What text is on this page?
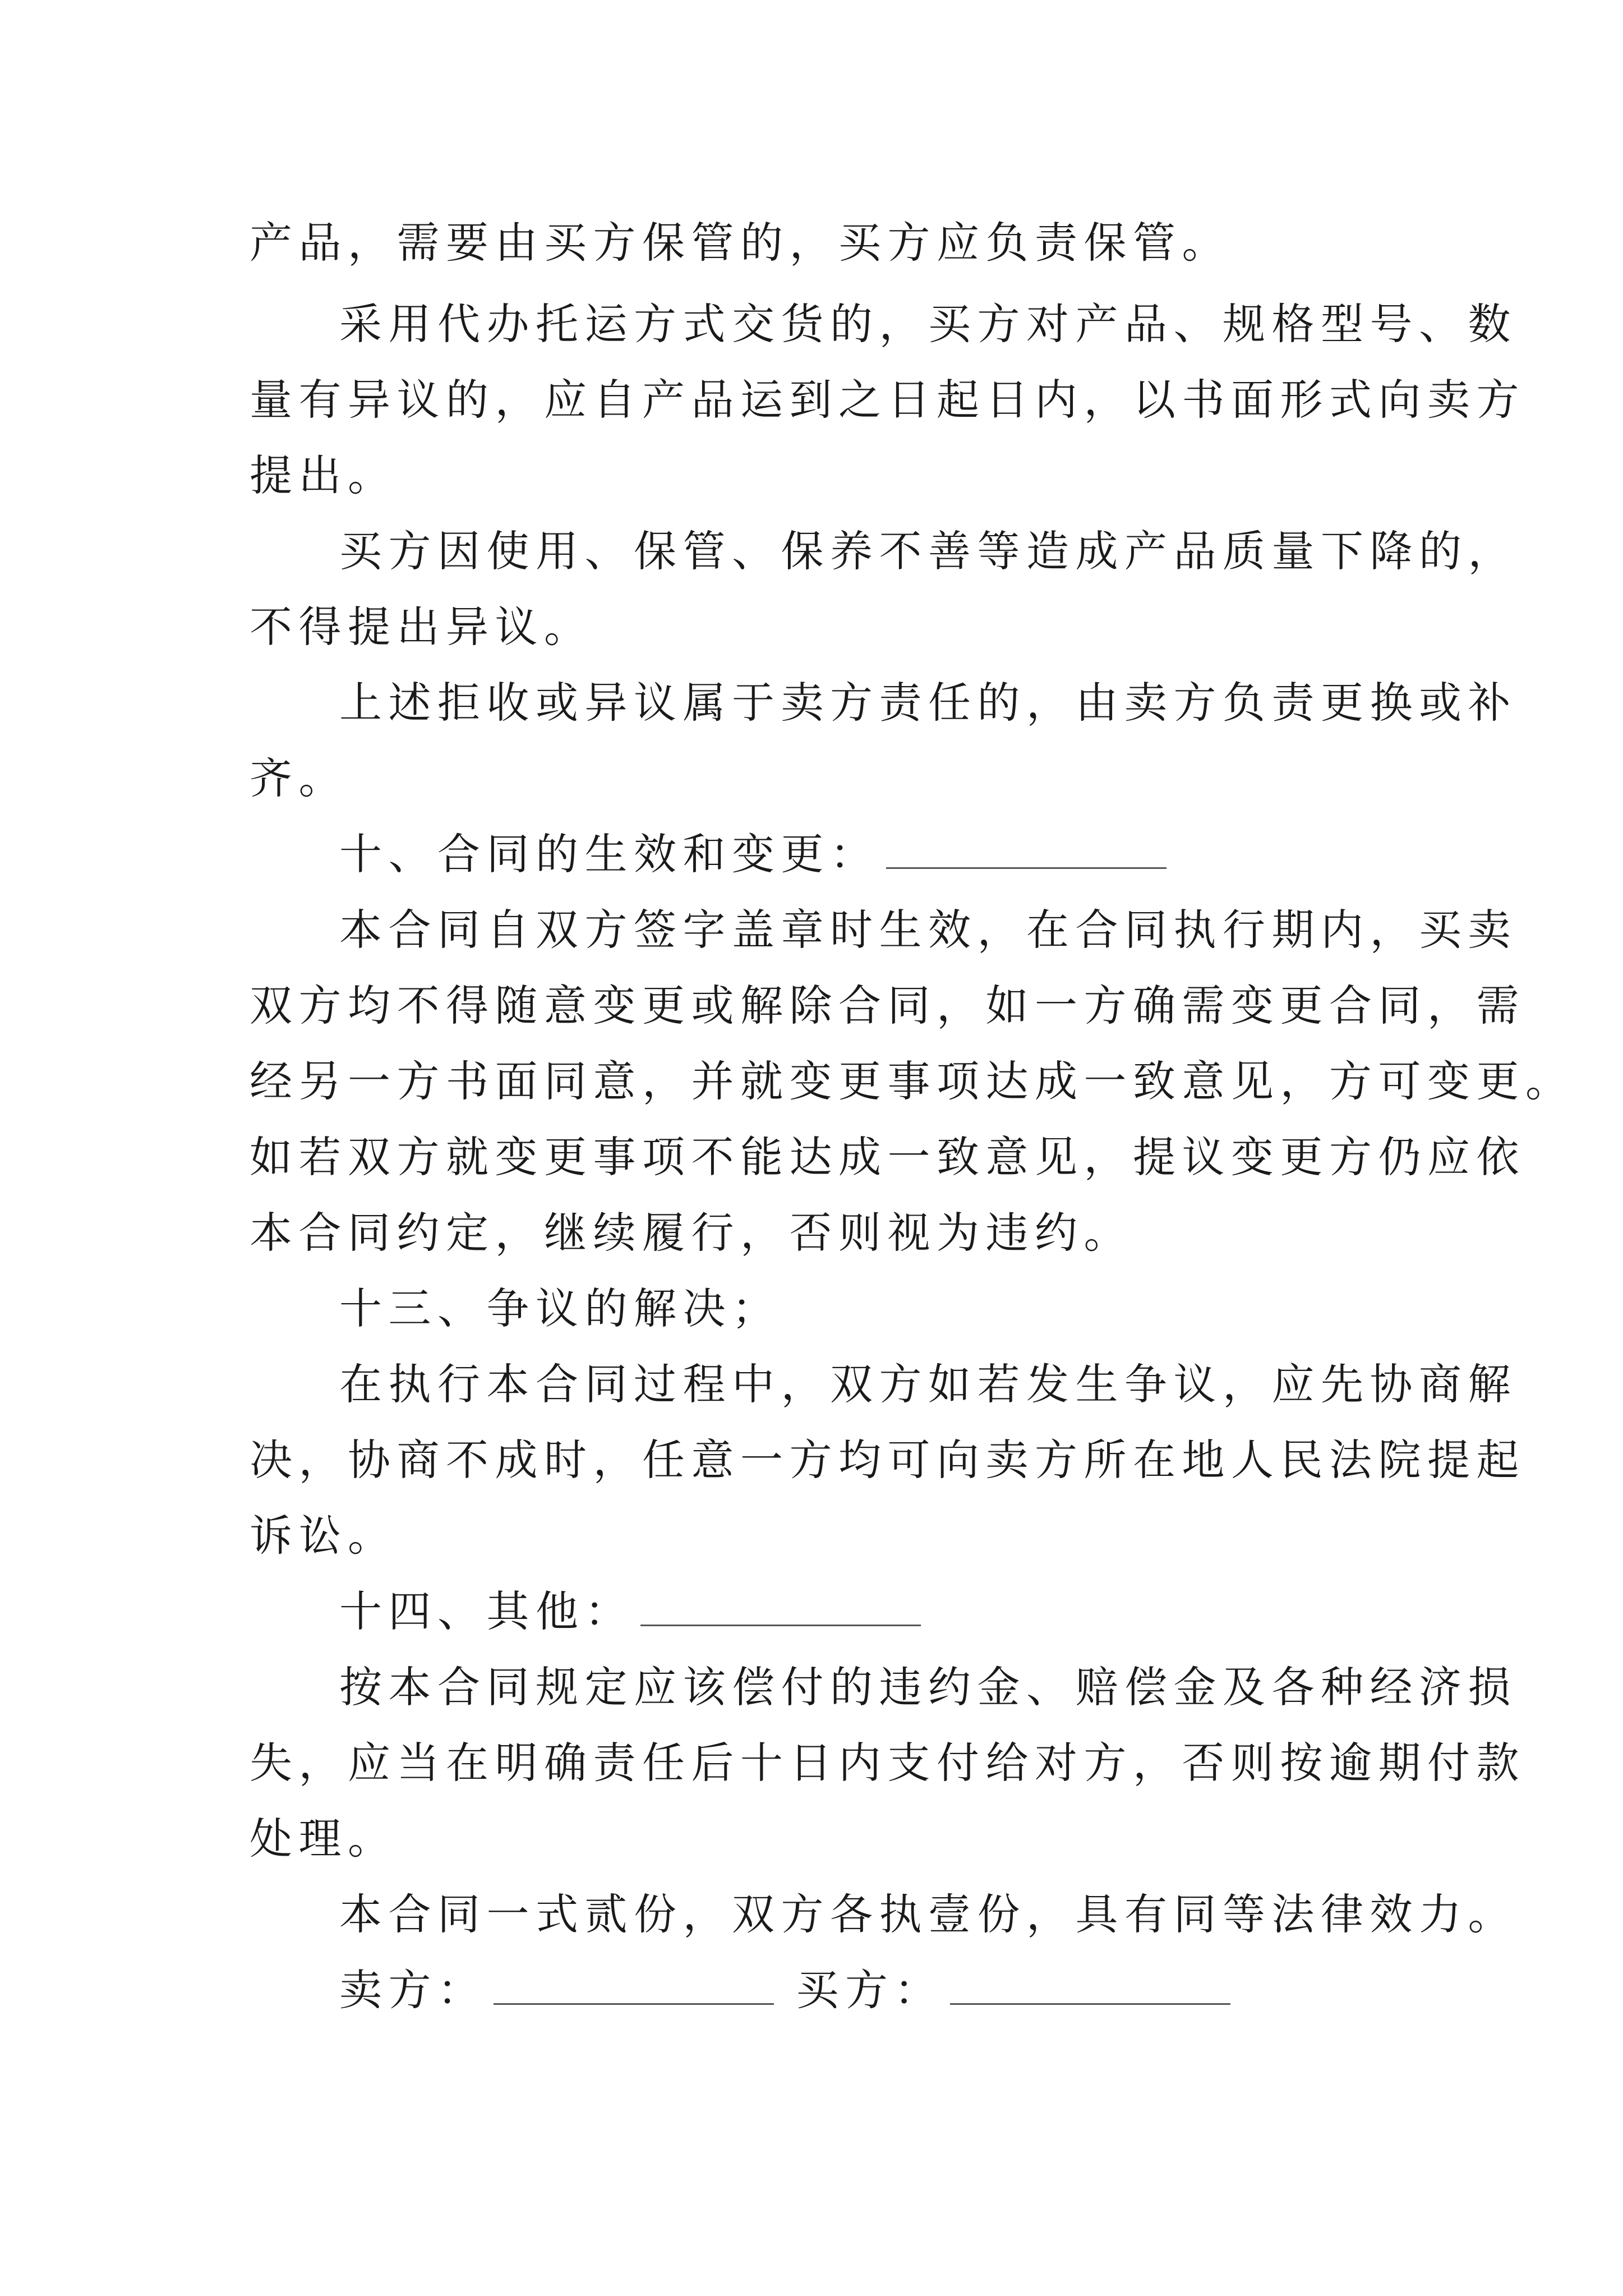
产品，需要由买方保管的，买方应负责保管。

采用代办托运方式交货的，买方对产品、规格型号、数

量有异议的，应自产品运到之日起日内，以书面形式向卖方

提出。

买方因使用、保管、保养不善等造成产品质量下降的，

不得提出异议。

上述拒收或异议属于卖方责任的，由卖方负责更换或补

齐。

十、合同的生效和变更：

本合同自双方签字盖章时生效，在合同执行期内，买卖

双方均不得随意变更或解除合同，如一方确需变更合同，需

经另一方书面同意，并就变更事项达成一致意见，方可变更。

如若双方就变更事项不能达成一致意见，提议变更方仍应依

本合同约定，继续履行，否则视为违约。

十三、争议的解决；

在执行本合同过程中，双方如若发生争议，应先协商解

决，协商不成时，任意一方均可向卖方所在地人民法院提起

诉讼。

十四、其他：

按本合同规定应该偿付的违约金、赔偿金及各种经济损

失，应当在明确责任后十日内支付给对方，否则按逾期付款

处理。

本合同一式贰份，双方各执壹份，具有同等法律效力。

卖方：	买方：
